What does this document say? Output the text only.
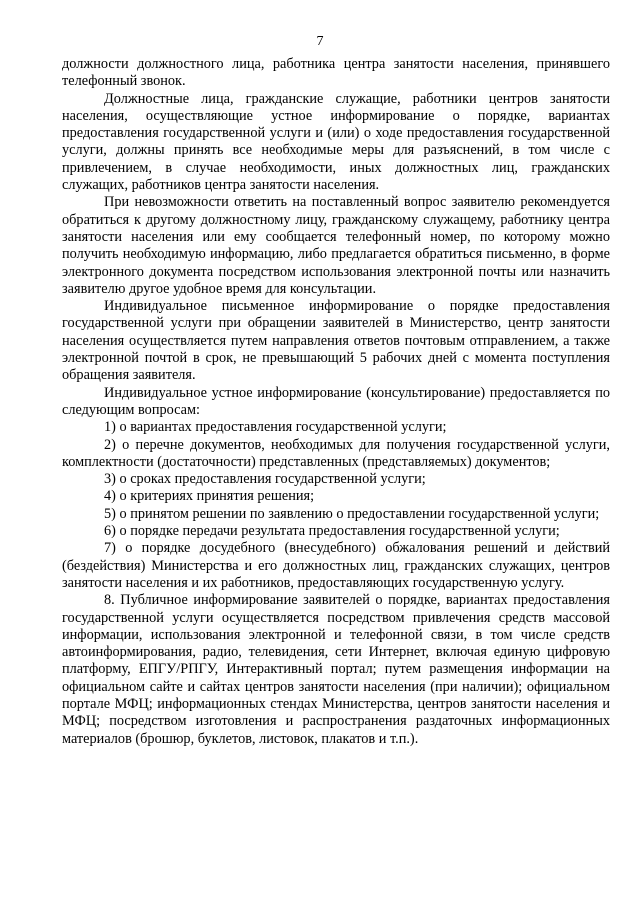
7

должности должностного лица, работника центра занятости населения, принявшего телефонный звонок.

Должностные лица, гражданские служащие, работники центров занятости населения, осуществляющие устное информирование о порядке, вариантах предоставления государственной услуги и (или) о ходе предоставления государственной услуги, должны принять все необходимые меры для разъяснений, в том числе с привлечением, в случае необходимости, иных должностных лиц, гражданских служащих, работников центра занятости населения.

При невозможности ответить на поставленный вопрос заявителю рекомендуется обратиться к другому должностному лицу, гражданскому служащему, работнику центра занятости населения или ему сообщается телефонный номер, по которому можно получить необходимую информацию, либо предлагается обратиться письменно, в форме электронного документа посредством использования электронной почты или назначить заявителю другое удобное время для консультации.

Индивидуальное письменное информирование о порядке предоставления государственной услуги при обращении заявителей в Министерство, центр занятости населения осуществляется путем направления ответов почтовым отправлением, а также электронной почтой в срок, не превышающий 5 рабочих дней с момента поступления обращения заявителя.

Индивидуальное устное информирование (консультирование) предоставляется по следующим вопросам:

1) о вариантах предоставления государственной услуги;

2) о перечне документов, необходимых для получения государственной услуги, комплектности (достаточности) представленных (представляемых) документов;

3) о сроках предоставления государственной услуги;

4) о критериях принятия решения;

5) о принятом решении по заявлению о предоставлении государственной услуги;

6) о порядке передачи результата предоставления государственной услуги;

7) о порядке досудебного (внесудебного) обжалования решений и действий (бездействия) Министерства и его должностных лиц, гражданских служащих, центров занятости населения и их работников, предоставляющих государственную услугу.

8. Публичное информирование заявителей о порядке, вариантах предоставления государственной услуги осуществляется посредством привлечения средств массовой информации, использования электронной и телефонной связи, в том числе средств автоинформирования, радио, телевидения, сети Интернет, включая единую цифровую платформу, ЕПГУ/РПГУ, Интерактивный портал; путем размещения информации на официальном сайте и сайтах центров занятости населения (при наличии); официальном портале МФЦ; информационных стендах Министерства, центров занятости населения и МФЦ; посредством изготовления и распространения раздаточных информационных материалов (брошюр, буклетов, листовок, плакатов и т.п.).
